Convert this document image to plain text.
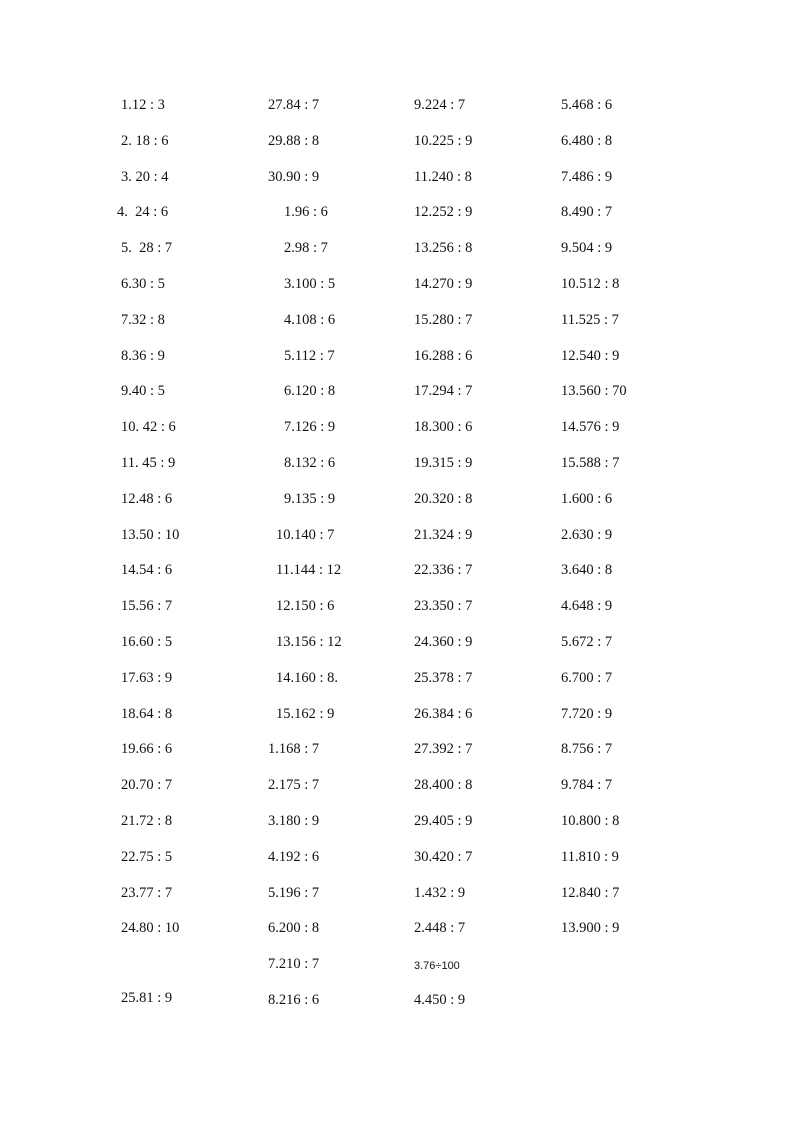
1.12 : 3
2. 18 : 6
3. 20 : 4
4.  24 : 6
5.  28 : 7
6.30 : 5
7.32 : 8
8.36 : 9
9.40 : 5
10. 42 : 6
11. 45 : 9
12.48 : 6
13.50 : 10
14.54 : 6
15.56 : 7
16.60 : 5
17.63 : 9
18.64 : 8
19.66 : 6
20.70 : 7
21.72 : 8
22.75 : 5
23.77 : 7
24.80 : 10
25.81 : 9
27.84 : 7
29.88 : 8
30.90 : 9
1.96 : 6
2.98 : 7
3.100 : 5
4.108 : 6
5.112 : 7
6.120 : 8
7.126 : 9
8.132 : 6
9.135 : 9
10.140 : 7
11.144 : 12
12.150 : 6
13.156 : 12
14.160 : 8.
15.162 : 9
1.168 : 7
2.175 : 7
3.180 : 9
4.192 : 6
5.196 : 7
6.200 : 8
7.210 : 7
8.216 : 6
9.224 : 7
10.225 : 9
11.240 : 8
12.252 : 9
13.256 : 8
14.270 : 9
15.280 : 7
16.288 : 6
17.294 : 7
18.300 : 6
19.315 : 9
20.320 : 8
21.324 : 9
22.336 : 7
23.350 : 7
24.360 : 9
25.378 : 7
26.384 : 6
27.392 : 7
28.400 : 8
29.405 : 9
30.420 : 7
1.432 : 9
2.448 : 7
3.76÷100
4.450 : 9
5.468 : 6
6.480 : 8
7.486 : 9
8.490 : 7
9.504 : 9
10.512 : 8
11.525 : 7
12.540 : 9
13.560 : 70
14.576 : 9
15.588 : 7
1.600 : 6
2.630 : 9
3.640 : 8
4.648 : 9
5.672 : 7
6.700 : 7
7.720 : 9
8.756 : 7
9.784 : 7
10.800 : 8
11.810 : 9
12.840 : 7
13.900 : 9
